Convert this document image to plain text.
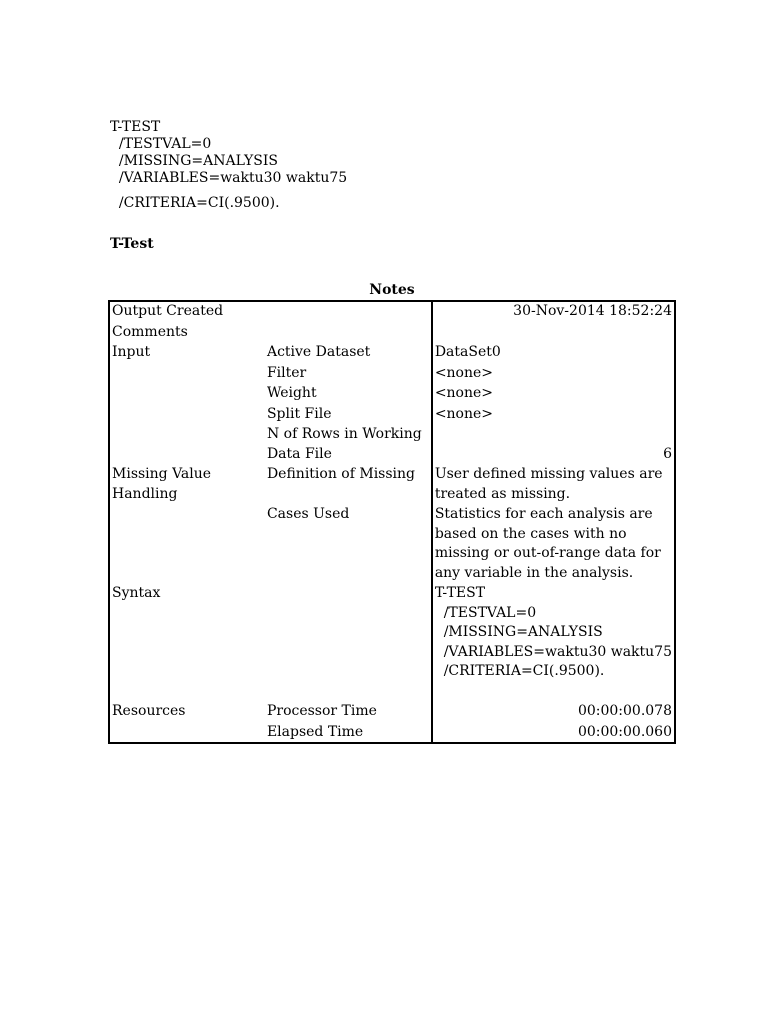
T-TEST
/TESTVAL=0
/MISSING=ANALYSIS
/VARIABLES=waktu30 waktu75
/CRITERIA=CI(.9500).
T-Test
Notes
Output Created		30-Nov-2014 18:52:24
Comments		
Input	Active Dataset	DataSet0
	Filter	<none>
	Weight	<none>
	Split File	<none>
	N of Rows in Working Data File	6
Missing Value Handling	Definition of Missing	User defined missing values are treated as missing.
	Cases Used	Statistics for each analysis are based on the cases with no missing or out-of-range data for any variable in the analysis.
Syntax		T-TEST
/TESTVAL=0
/MISSING=ANALYSIS
/VARIABLES=waktu30 waktu75
/CRITERIA=CI(.9500).

Resources	Processor Time	00:00:00.078
	Elapsed Time	00:00:00.060
